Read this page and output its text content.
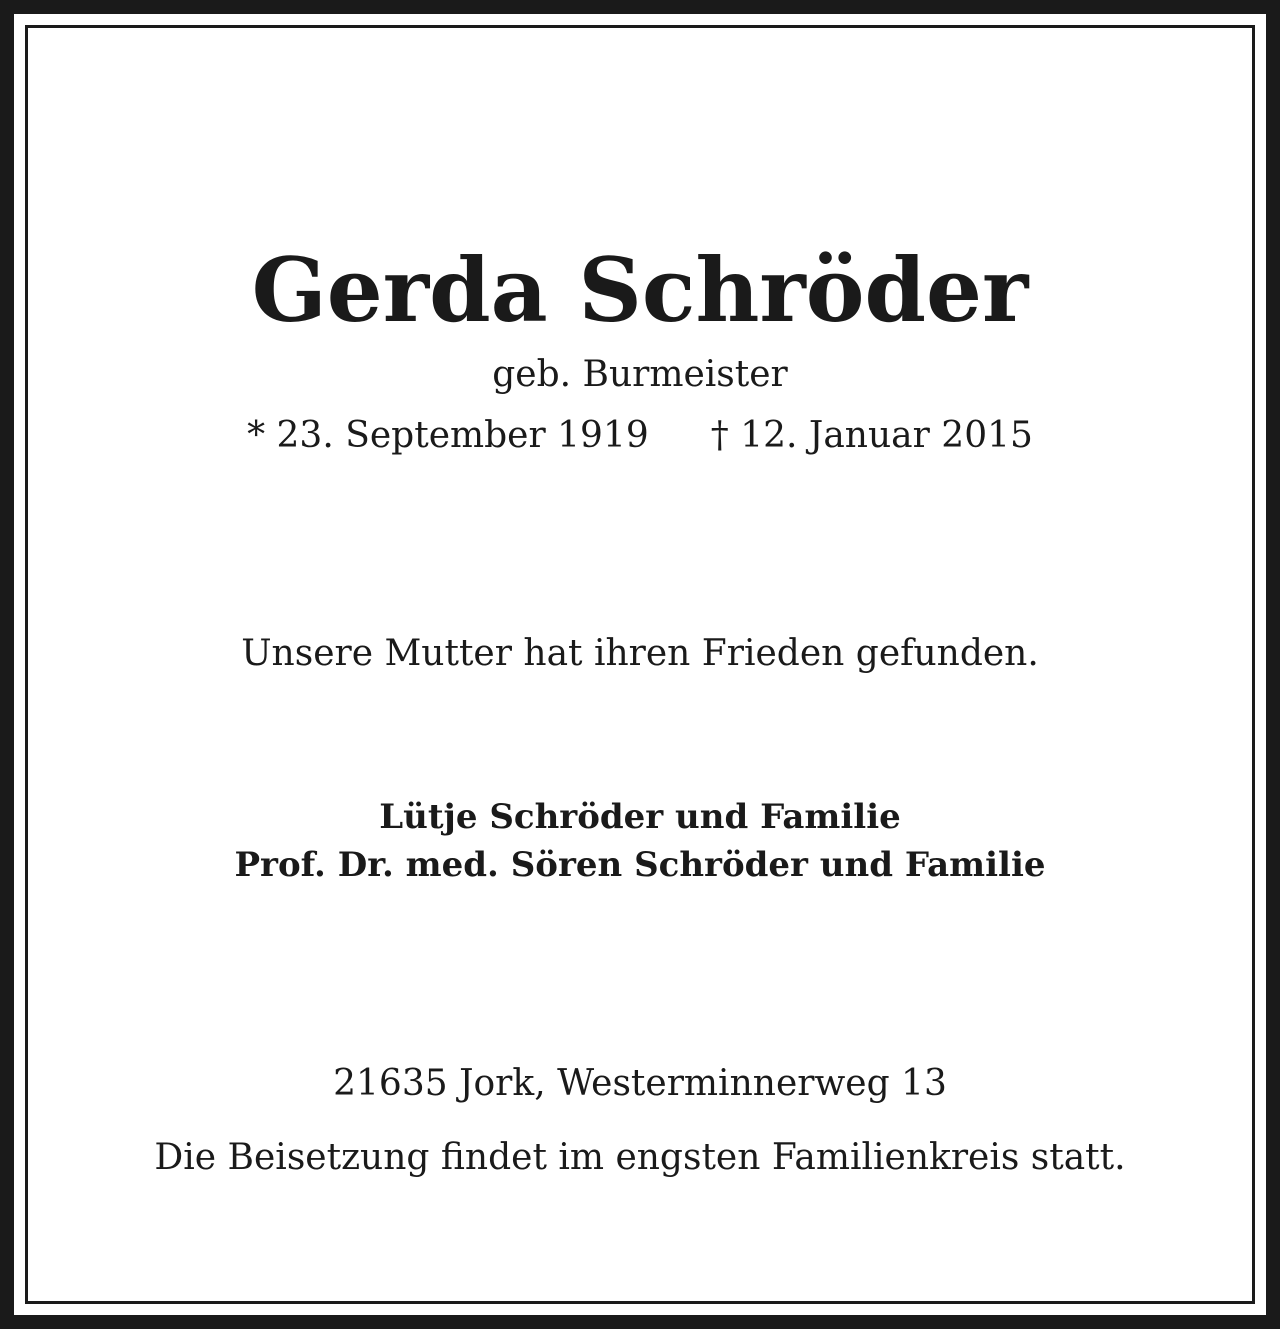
Gerda Schröder
geb. Burmeister
* 23. September 1919 † 12. Januar 2015
Unsere Mutter hat ihren Frieden gefunden.
Lütje Schröder und Familie
Prof. Dr. med. Sören Schröder und Familie
21635 Jork, Westerminnerweg 13
Die Beisetzung findet im engsten Familienkreis statt.
